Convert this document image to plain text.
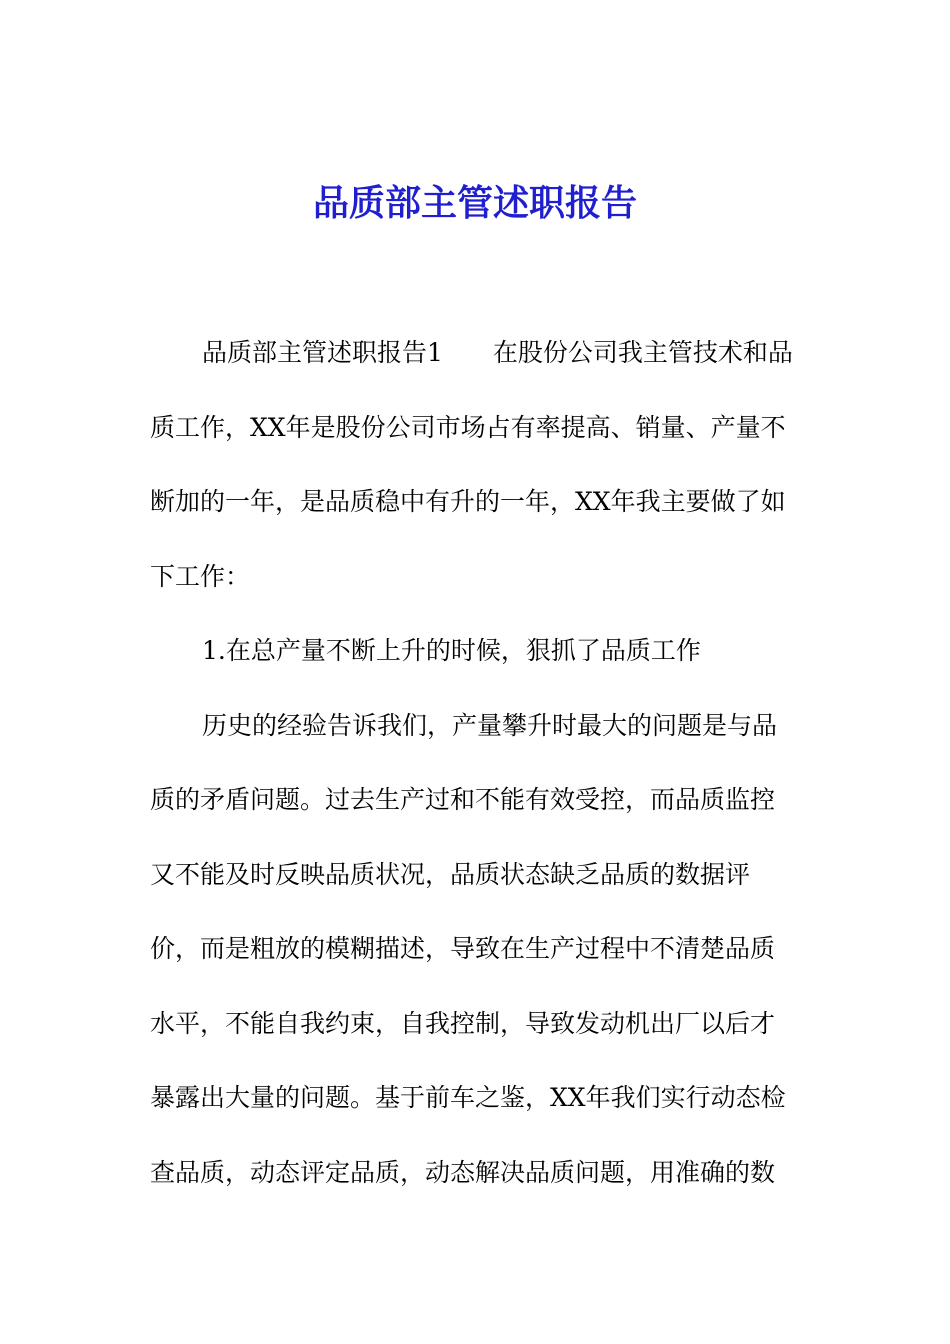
品质部主管述职报告

品质部主管述职报告1　　在股份公司我主管技术和品

质工作，XX年是股份公司市场占有率提高、销量、产量不

断加的一年，是品质稳中有升的一年，XX年我主要做了如

下工作：

1.在总产量不断上升的时候，狠抓了品质工作

历史的经验告诉我们，产量攀升时最大的问题是与品

质的矛盾问题。过去生产过和不能有效受控，而品质监控

又不能及时反映品质状况，品质状态缺乏品质的数据评

价，而是粗放的模糊描述，导致在生产过程中不清楚品质

水平，不能自我约束，自我控制，导致发动机出厂以后才

暴露出大量的问题。基于前车之鉴，XX年我们实行动态检

查品质，动态评定品质，动态解决品质问题，用准确的数
